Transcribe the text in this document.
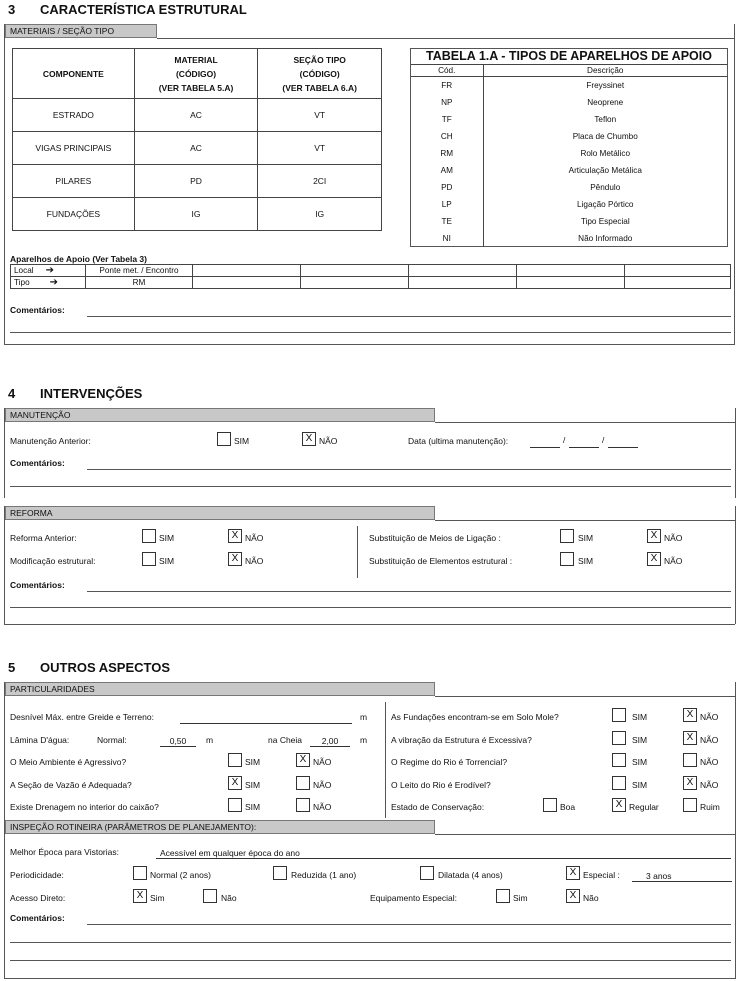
3 CARACTERÍSTICA ESTRUTURAL
MATERIAIS / SEÇÃO TIPO
COMPONENTE	MATERIAL
(CÓDIGO)
(VER TABELA 5.A)	SEÇÃO TIPO
(CÓDIGO)
(VER TABELA 6.A)
ESTRADO	AC	VT
VIGAS PRINCIPAIS	AC	VT
PILARES	PD	2CI
FUNDAÇÕES	IG	IG
TABELA 1.A - TIPOS DE APARELHOS DE APOIO
Cód.	Descrição
FR	Freyssinet
NP	Neoprene
TF	Teflon
CH	Placa de Chumbo
RM	Rolo Metálico
AM	Articulação Metálica
PD	Pêndulo
LP	Ligação Pórtico
TE	Tipo Especial
NI	Não Informado
Aparelhos de Apoio (Ver Tabela 3)
Local ➔	Ponte met. / Encontro					
Tipo ➔	RM					
Comentários:
4 INTERVENÇÕES
MANUTENÇÃO
Manutenção Anterior:	SIM	X NÃO	Data (ultima manutenção):	/	/
Comentários:
REFORMA
Reforma Anterior:	SIM	X NÃO
Modificação estrutural:	SIM	X NÃO
Substituição de Meios de Ligação :	SIM	X NÃO
Substituição de Elementos estrutural :	SIM	X NÃO
Comentários:
5 OUTROS ASPECTOS
PARTICULARIDADES
Desnível Máx. entre Greide e Terreno:	m
Lâmina D'água:	Normal:	0,50	m	na Cheia	2,00	m
O Meio Ambiente é Agressivo?	SIM	X NÃO
A Seção de Vazão é Adequada?	X SIM	NÃO
Existe Drenagem no interior do caixão?	SIM	NÃO
As Fundações encontram-se em Solo Mole?	SIM	X NÃO
A vibração da Estrutura é Excessiva?	SIM	X NÃO
O Regime do Rio é Torrencial?	SIM	NÃO
O Leito do Rio é Erodível?	SIM	X NÃO
Estado de Conservação:	Boa	X Regular	Ruim
INSPEÇÃO ROTINEIRA (PARÂMETROS DE PLANEJAMENTO):
Melhor Época para Vistorias:	Acessível em qualquer época do ano
Periodicidade:	Normal (2 anos)	Reduzida (1 ano)	Dilatada (4 anos)	X Especial :	3 anos
Acesso Direto:	X Sim	Não	Equipamento Especial:	Sim	X Não
Comentários:
